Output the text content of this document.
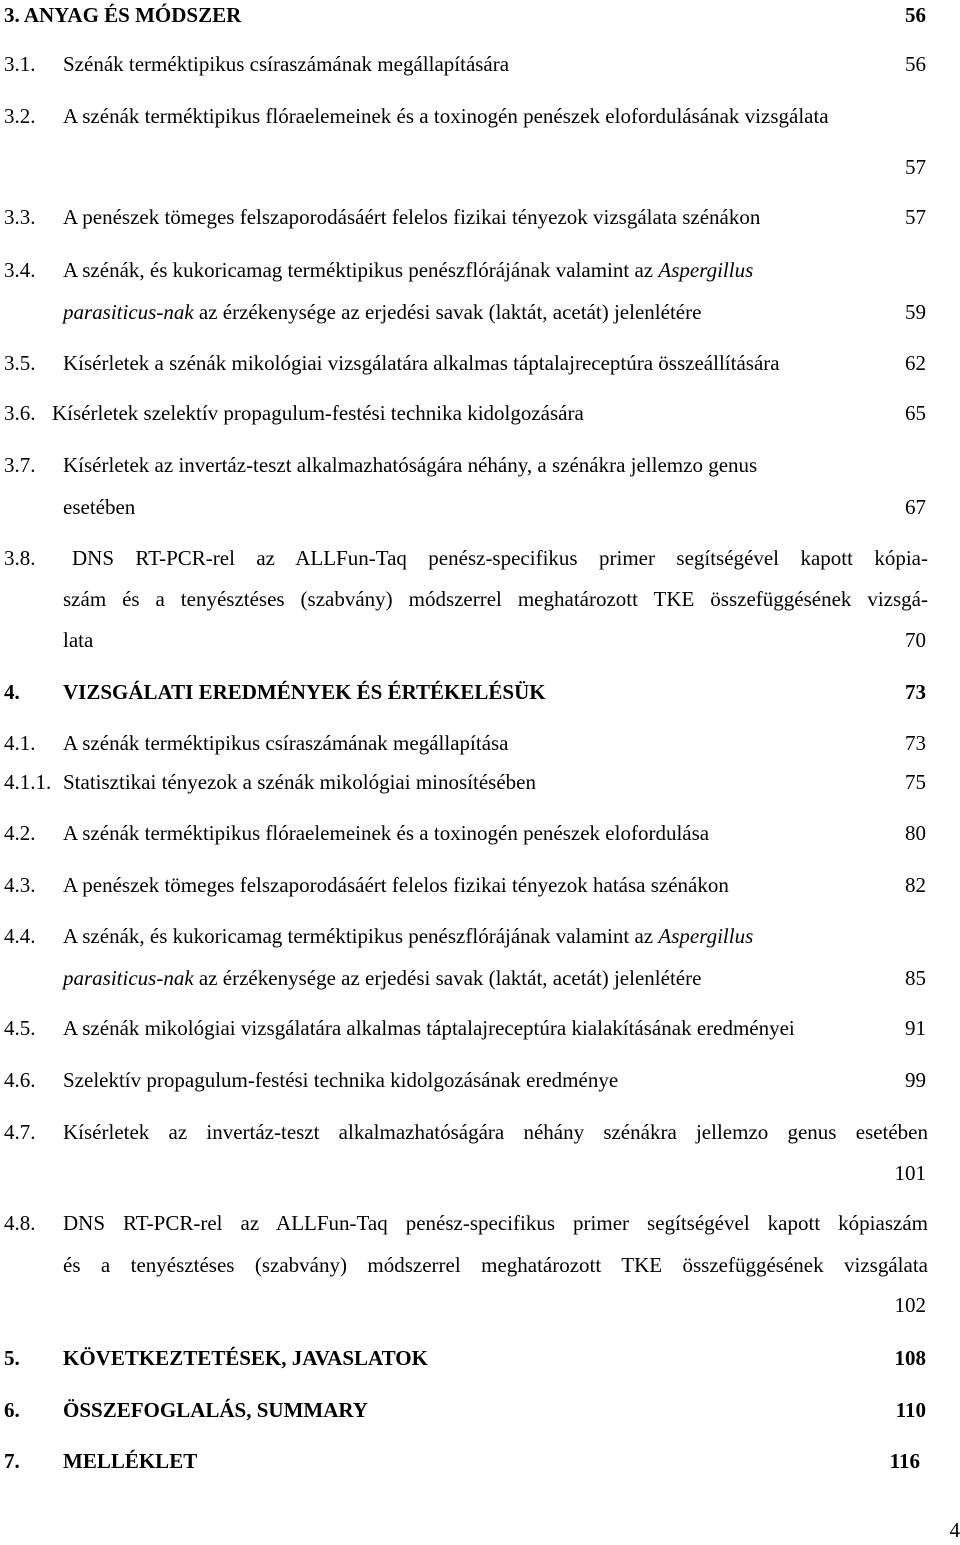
3. ANYAG ÉS MÓDSZER	56
3.1. Szénák terméktipikus csíraszámának megállapítására	56
3.2. A szénák terméktipikus flóraelemeinek és a toxinogén penészek elofordulásának vizsgálata
57
3.3. A penészek tömeges felszaporodásáért felelos fizikai tényezok vizsgálata szénákon	57
3.4. A szénák, és kukoricamag terméktipikus penészflórájának valamint az Aspergillus
parasiticus-nak az érzékenysége az erjedési savak (laktát, acetát) jelenlétére	59
3.5. Kísérletek a szénák mikológiai vizsgálatára alkalmas táptalajreceptúra összeállítására	62
3.6. Kísérletek szelektív propagulum-festési technika kidolgozására	65
3.7. Kísérletek az invertáz-teszt alkalmazhatóságára néhány, a szénákra jellemzo genus
esetében	67
3.8. DNS RT-PCR-rel az ALLFun-Taq penész-specifikus primer segítségével kapott kópia-
szám és a tenyésztéses (szabvány) módszerrel meghatározott TKE összefüggésének vizsgá-
lata	70
4. VIZSGÁLATI EREDMÉNYEK ÉS ÉRTÉKELÉSÜK	73
4.1. A szénák terméktipikus csíraszámának megállapítása	73
4.1.1. Statisztikai tényezok a szénák mikológiai minosítésében	75
4.2. A szénák terméktipikus flóraelemeinek és a toxinogén penészek elofordulása	80
4.3. A penészek tömeges felszaporodásáért felelos fizikai tényezok hatása szénákon	82
4.4. A szénák, és kukoricamag terméktipikus penészflórájának valamint az Aspergillus
parasiticus-nak az érzékenysége az erjedési savak (laktát, acetát) jelenlétére	85
4.5. A szénák mikológiai vizsgálatára alkalmas táptalajreceptúra kialakításának eredményei	91
4.6. Szelektív propagulum-festési technika kidolgozásának eredménye	99
4.7. Kísérletek az invertáz-teszt alkalmazhatóságára néhány szénákra jellemzo genus esetében
101
4.8. DNS RT-PCR-rel az ALLFun-Taq penész-specifikus primer segítségével kapott kópiaszám
és a tenyésztéses (szabvány) módszerrel meghatározott TKE összefüggésének vizsgálata
102
5. KÖVETKEZTETÉSEK, JAVASLATOK	108
6. ÖSSZEFOGLALÁS, SUMMARY	110
7. MELLÉKLET	116
4
